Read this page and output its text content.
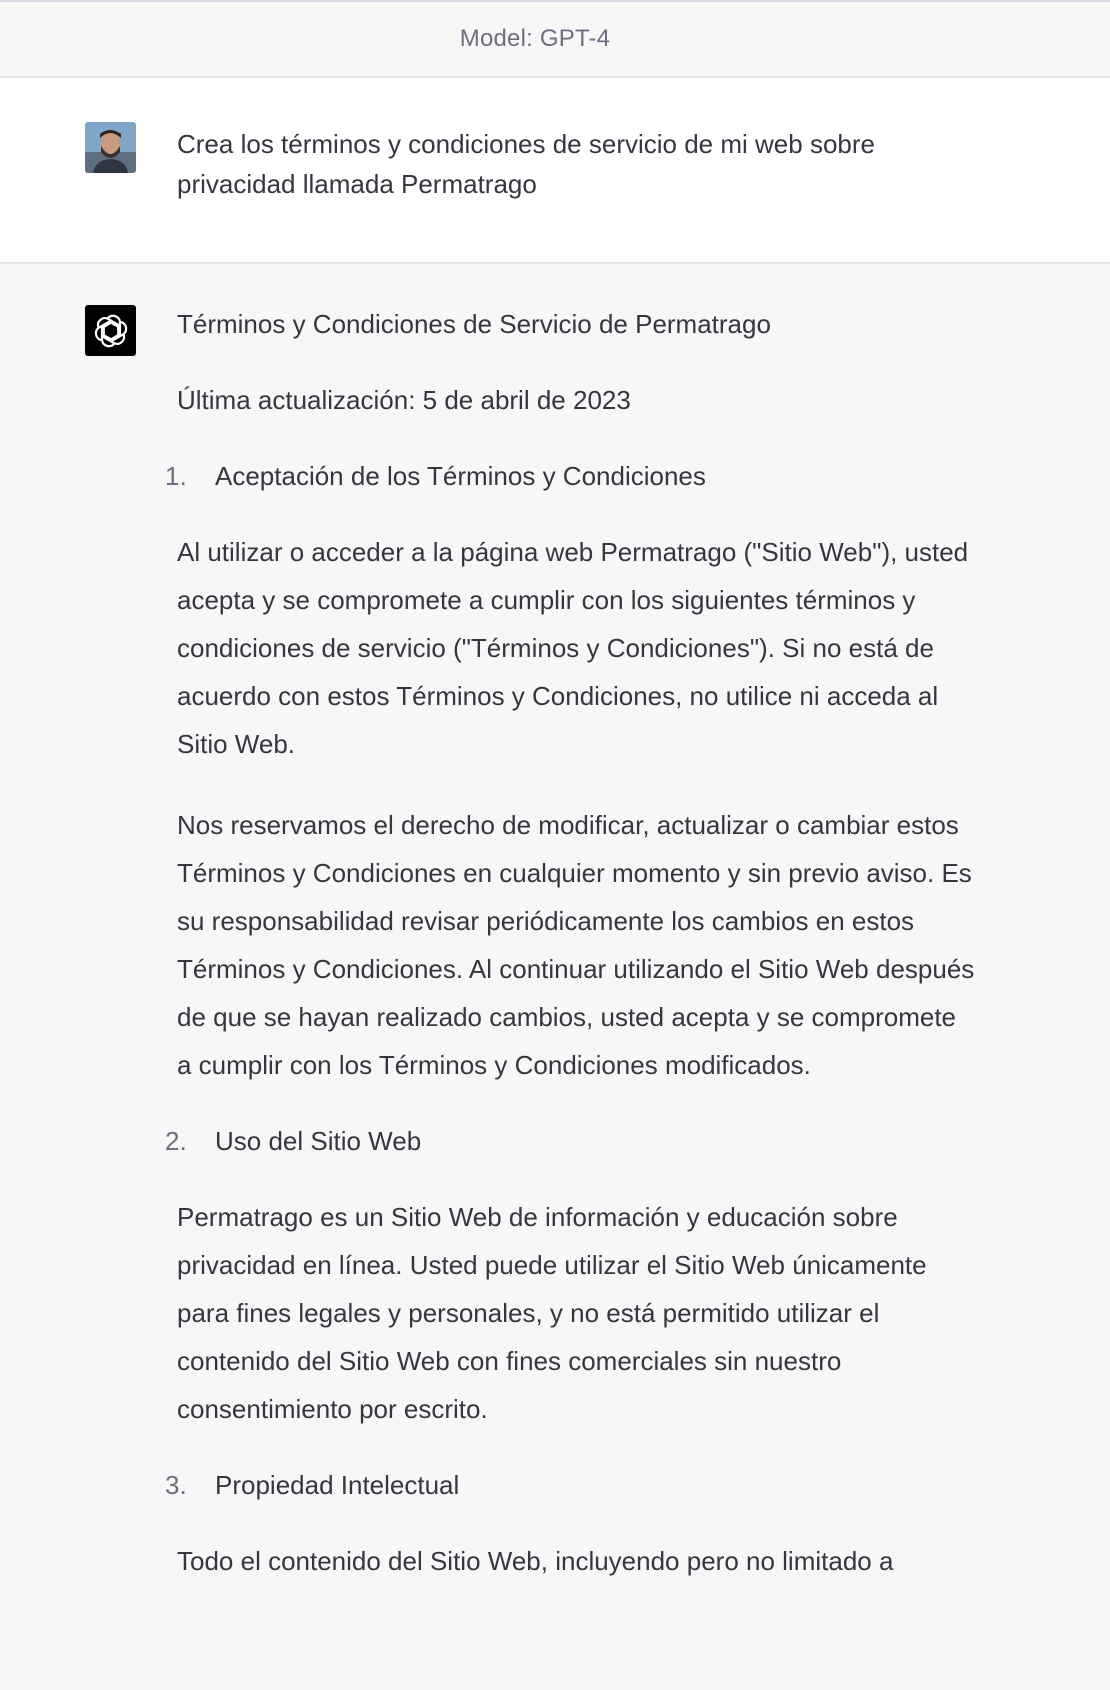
Model: GPT-4
Crea los términos y condiciones de servicio de mi web sobre privacidad llamada Permatrago

Términos y Condiciones de Servicio de Permatrago

Última actualización: 5 de abril de 2023

1. Aceptación de los Términos y Condiciones

Al utilizar o acceder a la página web Permatrago ("Sitio Web"), usted acepta y se compromete a cumplir con los siguientes términos y condiciones de servicio ("Términos y Condiciones"). Si no está de acuerdo con estos Términos y Condiciones, no utilice ni acceda al Sitio Web.

Nos reservamos el derecho de modificar, actualizar o cambiar estos Términos y Condiciones en cualquier momento y sin previo aviso. Es su responsabilidad revisar periódicamente los cambios en estos Términos y Condiciones. Al continuar utilizando el Sitio Web después de que se hayan realizado cambios, usted acepta y se compromete a cumplir con los Términos y Condiciones modificados.

2. Uso del Sitio Web

Permatrago es un Sitio Web de información y educación sobre privacidad en línea. Usted puede utilizar el Sitio Web únicamente para fines legales y personales, y no está permitido utilizar el contenido del Sitio Web con fines comerciales sin nuestro consentimiento por escrito.

3. Propiedad Intelectual

Todo el contenido del Sitio Web, incluyendo pero no limitado a
